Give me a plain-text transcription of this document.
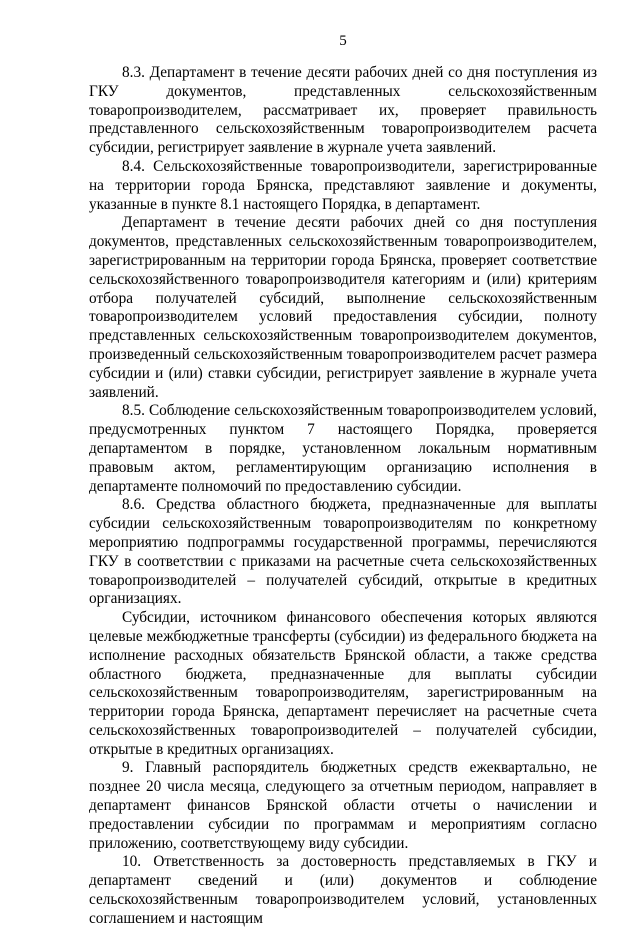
5

8.3. Департамент в течение десяти рабочих дней со дня поступления из ГКУ документов, представленных сельскохозяйственным товаропроизводителем, рассматривает их, проверяет правильность представленного сельскохозяйственным товаропроизводителем расчета субсидии, регистрирует заявление в журнале учета заявлений.

8.4. Сельскохозяйственные товаропроизводители, зарегистрированные на территории города Брянска, представляют заявление и документы, указанные в пункте 8.1 настоящего Порядка, в департамент.

Департамент в течение десяти рабочих дней со дня поступления документов, представленных сельскохозяйственным товаропроизводителем, зарегистрированным на территории города Брянска, проверяет соответствие сельскохозяйственного товаропроизводителя категориям и (или) критериям отбора получателей субсидий, выполнение сельскохозяйственным товаропроизводителем условий предоставления субсидии, полноту представленных сельскохозяйственным товаропроизводителем документов, произведенный сельскохозяйственным товаропроизводителем расчет размера субсидии и (или) ставки субсидии, регистрирует заявление в журнале учета заявлений.

8.5. Соблюдение сельскохозяйственным товаропроизводителем условий, предусмотренных пунктом 7 настоящего Порядка, проверяется департаментом в порядке, установленном локальным нормативным правовым актом, регламентирующим организацию исполнения в департаменте полномочий по предоставлению субсидии.

8.6. Средства областного бюджета, предназначенные для выплаты субсидии сельскохозяйственным товаропроизводителям по конкретному мероприятию подпрограммы государственной программы, перечисляются ГКУ в соответствии с приказами на расчетные счета сельскохозяйственных товаропроизводителей – получателей субсидий, открытые в кредитных организациях.

Субсидии, источником финансового обеспечения которых являются целевые межбюджетные трансферты (субсидии) из федерального бюджета на исполнение расходных обязательств Брянской области, а также средства областного бюджета, предназначенные для выплаты субсидии сельскохозяйственным товаропроизводителям, зарегистрированным на территории города Брянска, департамент перечисляет на расчетные счета сельскохозяйственных товаропроизводителей – получателей субсидии, открытые в кредитных организациях.

9. Главный распорядитель бюджетных средств ежеквартально, не позднее 20 числа месяца, следующего за отчетным периодом, направляет в департамент финансов Брянской области отчеты о начислении и предоставлении субсидии по программам и мероприятиям согласно приложению, соответствующему виду субсидии.

10. Ответственность за достоверность представляемых в ГКУ и департамент сведений и (или) документов и соблюдение сельскохозяйственным товаропроизводителем условий, установленных соглашением и настоящим
